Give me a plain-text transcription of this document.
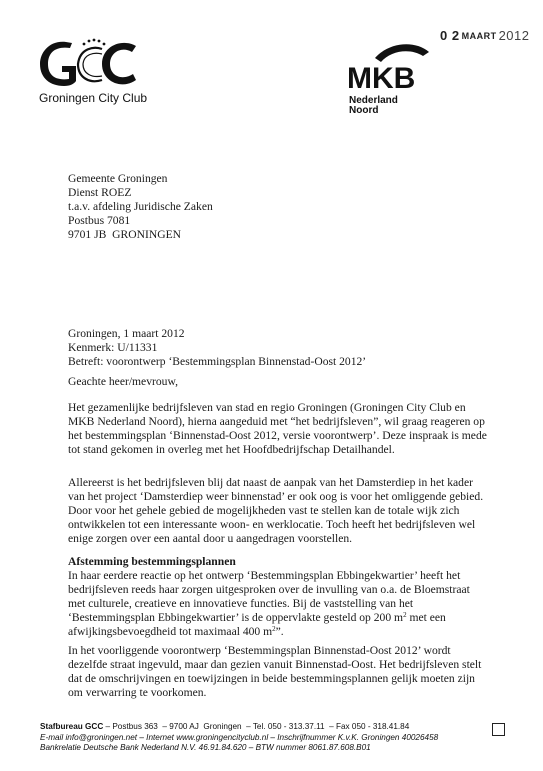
0 2 MAART 2012
Groningen City Club
MKB
Nederland
Noord
Gemeente Groningen
Dienst ROEZ
t.a.v. afdeling Juridische Zaken
Postbus 7081
9701 JB  GRONINGEN
Groningen, 1 maart 2012
Kenmerk: U/11331
Betreft: voorontwerp ‘Bestemmingsplan Binnenstad-Oost 2012’
Geachte heer/mevrouw,

Het gezamenlijke bedrijfsleven van stad en regio Groningen (Groningen City Club en MKB Nederland Noord), hierna aangeduid met “het bedrijfsleven”, wil graag reageren op het bestemmingsplan ‘Binnenstad-Oost 2012, versie voorontwerp’. Deze inspraak is mede tot stand gekomen in overleg met het Hoofdbedrijfschap Detailhandel.

Allereerst is het bedrijfsleven blij dat naast de aanpak van het Damsterdiep in het kader van het project ‘Damsterdiep weer binnenstad’ er ook oog is voor het omliggende gebied. Door voor het gehele gebied de mogelijkheden vast te stellen kan de totale wijk zich ontwikkelen tot een interessante woon- en werklocatie. Toch heeft het bedrijfsleven wel enige zorgen over een aantal door u aangedragen voorstellen.

Afstemming bestemmingsplannen

In haar eerdere reactie op het ontwerp ‘Bestemmingsplan Ebbingekwartier’ heeft het bedrijfsleven reeds haar zorgen uitgesproken over de invulling van o.a. de Bloemstraat met culturele, creatieve en innovatieve functies. Bij de vaststelling van het ‘Bestemmingsplan Ebbingekwartier’ is de oppervlakte gesteld op 200 $m^2$ met een afwijkingsbevoegdheid tot maximaal 400 $m^2$”.

In het voorliggende voorontwerp ‘Bestemmingsplan Binnenstad-Oost 2012’ wordt dezelfde straat ingevuld, maar dan gezien vanuit Binnenstad-Oost. Het bedrijfsleven stelt dat de omschrijvingen en toewijzingen in beide bestemmingsplannen gelijk moeten zijn om verwarring te voorkomen.

Stafbureau GCC – Postbus 363  – 9700 AJ  Groningen  – Tel. 050 - 313.37.11  – Fax 050 - 318.41.84
E-mail info@groningen.net – Internet www.groningencityclub.nl – Inschrijfnummer K.v.K. Groningen 40026458
Bankrelatie Deutsche Bank Nederland N.V. 46.91.84.620 – BTW nummer 8061.87.608.B01
